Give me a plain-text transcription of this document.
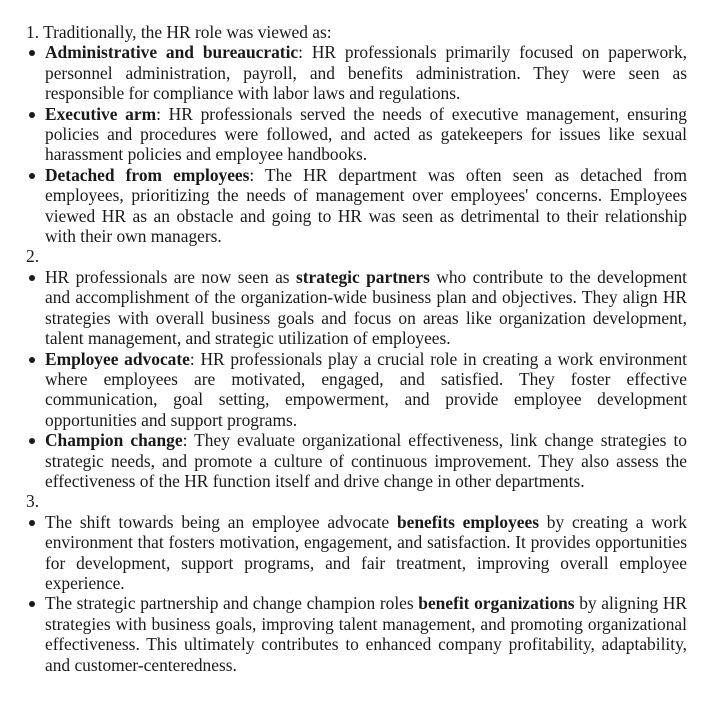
1. Traditionally, the HR role was viewed as:
Administrative and bureaucratic: HR professionals primarily focused on paperwork, personnel administration, payroll, and benefits administration. They were seen as responsible for compliance with labor laws and regulations.
Executive arm: HR professionals served the needs of executive management, ensuring policies and procedures were followed, and acted as gatekeepers for issues like sexual harassment policies and employee handbooks.
Detached from employees: The HR department was often seen as detached from employees, prioritizing the needs of management over employees' concerns. Employees viewed HR as an obstacle and going to HR was seen as detrimental to their relationship with their own managers.
2.
HR professionals are now seen as strategic partners who contribute to the development and accomplishment of the organization-wide business plan and objectives. They align HR strategies with overall business goals and focus on areas like organization development, talent management, and strategic utilization of employees.
Employee advocate: HR professionals play a crucial role in creating a work environment where employees are motivated, engaged, and satisfied. They foster effective communication, goal setting, empowerment, and provide employee development opportunities and support programs.
Champion change: They evaluate organizational effectiveness, link change strategies to strategic needs, and promote a culture of continuous improvement. They also assess the effectiveness of the HR function itself and drive change in other departments.
3.
The shift towards being an employee advocate benefits employees by creating a work environment that fosters motivation, engagement, and satisfaction. It provides opportunities for development, support programs, and fair treatment, improving overall employee experience.
The strategic partnership and change champion roles benefit organizations by aligning HR strategies with business goals, improving talent management, and promoting organizational effectiveness. This ultimately contributes to enhanced company profitability, adaptability, and customer-centeredness.
